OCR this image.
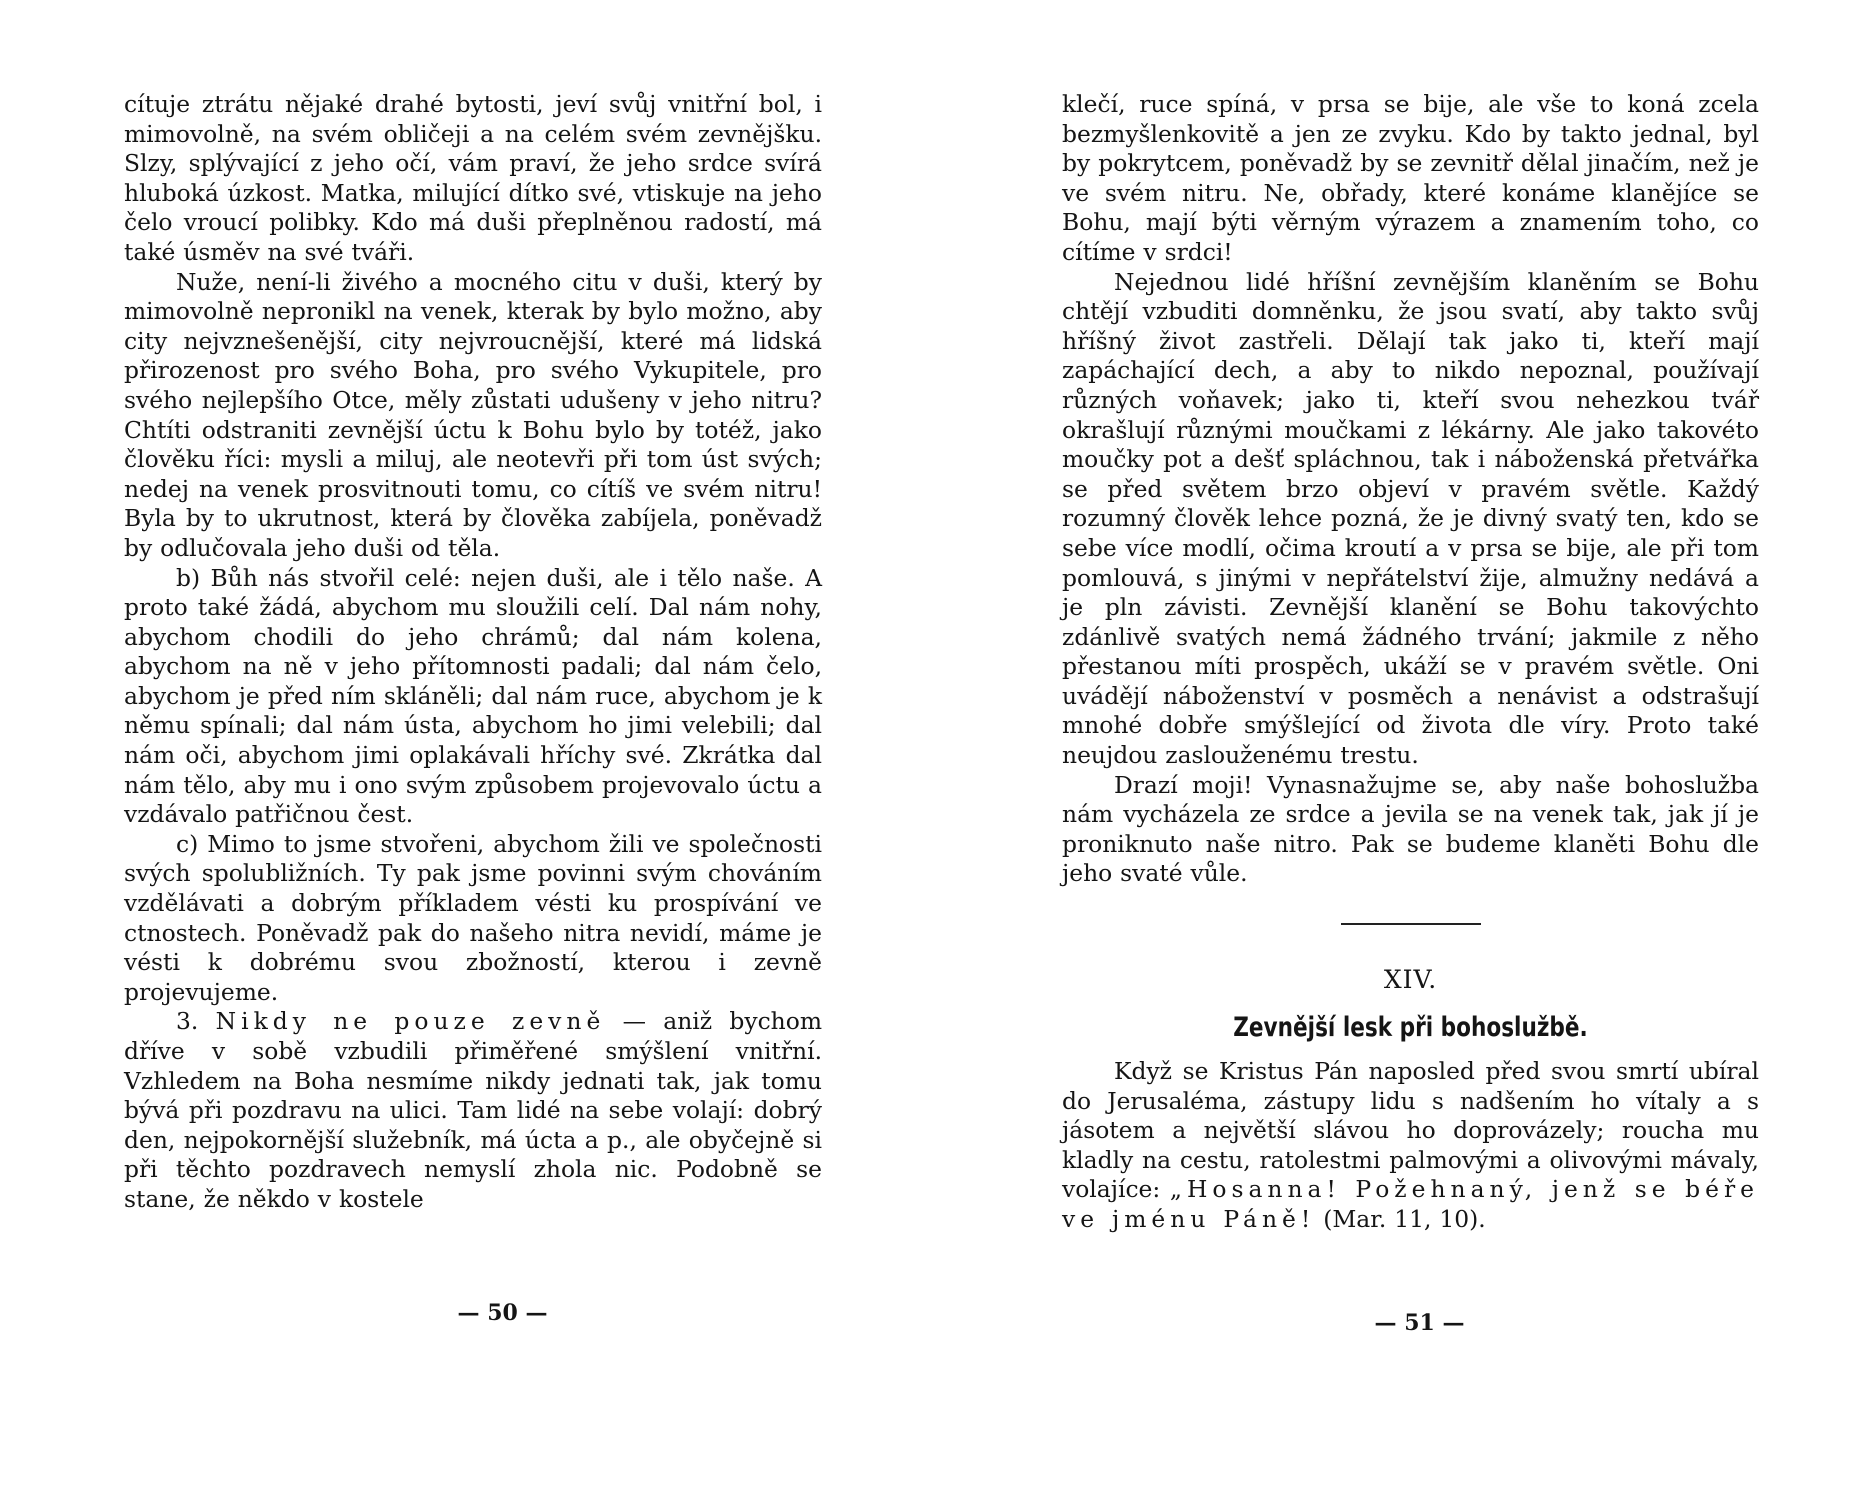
cítuje ztrátu nějaké drahé bytosti, jeví svůj vnitřní bol, i mimovolně, na svém obličeji a na celém svém zevnějšku. Slzy, splývající z jeho očí, vám praví, že jeho srdce svírá hluboká úzkost. Matka, milující dítko své, vtiskuje na jeho čelo vroucí polibky. Kdo má duši přeplněnou radostí, má také úsměv na své tváři.

Nuže, není-li živého a mocného citu v duši, který by mimovolně nepronikl na venek, kterak by bylo možno, aby city nejvznešenější, city nejvroucnější, které má lidská přirozenost pro svého Boha, pro svého Vykupitele, pro svého nejlepšího Otce, měly zůstati udušeny v jeho nitru? Chtíti odstraniti zevnější úctu k Bohu bylo by totéž, jako člověku říci: mysli a miluj, ale neotevři při tom úst svých; nedej na venek prosvitnouti tomu, co cítíš ve svém nitru! Byla by to ukrutnost, která by člověka zabíjela, poněvadž by odlučovala jeho duši od těla.

b) Bůh nás stvořil celé: nejen duši, ale i tělo naše. A proto také žádá, abychom mu sloužili celí. Dal nám nohy, abychom chodili do jeho chrámů; dal nám kolena, abychom na ně v jeho přítomnosti padali; dal nám čelo, abychom je před ním skláněli; dal nám ruce, abychom je k němu spínali; dal nám ústa, abychom ho jimi velebili; dal nám oči, abychom jimi oplakávali hříchy své. Zkrátka dal nám tělo, aby mu i ono svým způsobem projevovalo úctu a vzdávalo patřičnou čest.

c) Mimo to jsme stvořeni, abychom žili ve společnosti svých spolubližních. Ty pak jsme povinni svým chováním vzdělávati a dobrým příkladem vésti ku prospívání ve ctnostech. Poněvadž pak do našeho nitra nevidí, máme je vésti k dobrému svou zbožností, kterou i zevně projevujeme.

3. Nikdy ne pouze zevně — aniž bychom dříve v sobě vzbudili přiměřené smýšlení vnitřní. Vzhledem na Boha nesmíme nikdy jednati tak, jak tomu bývá při pozdravu na ulici. Tam lidé na sebe volají: dobrý den, nejpokornější služebník, má úcta a p., ale obyčejně si při těchto pozdravech nemyslí zhola nic. Podobně se stane, že někdo v kostele

— 50 —

klečí, ruce spíná, v prsa se bije, ale vše to koná zcela bezmyšlenkovitě a jen ze zvyku. Kdo by takto jednal, byl by pokrytcem, poněvadž by se zevnitř dělal jinačím, než je ve svém nitru. Ne, obřady, které konáme klanějíce se Bohu, mají býti věrným výrazem a znamením toho, co cítíme v srdci!

Nejednou lidé hříšní zevnějším klaněním se Bohu chtějí vzbuditi domněnku, že jsou svatí, aby takto svůj hříšný život zastřeli. Dělají tak jako ti, kteří mají zapáchající dech, a aby to nikdo nepoznal, používají různých voňavek; jako ti, kteří svou nehezkou tvář okrašlují různými moučkami z lékárny. Ale jako takovéto moučky pot a dešť spláchnou, tak i náboženská přetvářka se před světem brzo objeví v pravém světle. Každý rozumný člověk lehce pozná, že je divný svatý ten, kdo se sebe více modlí, očima kroutí a v prsa se bije, ale při tom pomlouvá, s jinými v nepřátelství žije, almužny nedává a je pln závisti. Zevnější klanění se Bohu takovýchto zdánlivě svatých nemá žádného trvání; jakmile z něho přestanou míti prospěch, ukáží se v pravém světle. Oni uvádějí náboženství v posměch a nenávist a odstrašují mnohé dobře smýšlející od života dle víry. Proto také neujdou zaslouženému trestu.

Drazí moji! Vynasnažujme se, aby naše bohoslužba nám vycházela ze srdce a jevila se na venek tak, jak jí je proniknuto naše nitro. Pak se budeme klaněti Bohu dle jeho svaté vůle.

XIV.
Zevnější lesk při bohoslužbě.

Když se Kristus Pán naposled před svou smrtí ubíral do Jerusaléma, zástupy lidu s nadšením ho vítaly a s jásotem a největší slávou ho doprovázely; roucha mu kladly na cestu, ratolestmi palmovými a olivovými mávaly, volajíce: „Hosanna! Požehnaný, jenž se béře ve jménu Páně! (Mar. 11, 10).

— 51 —
